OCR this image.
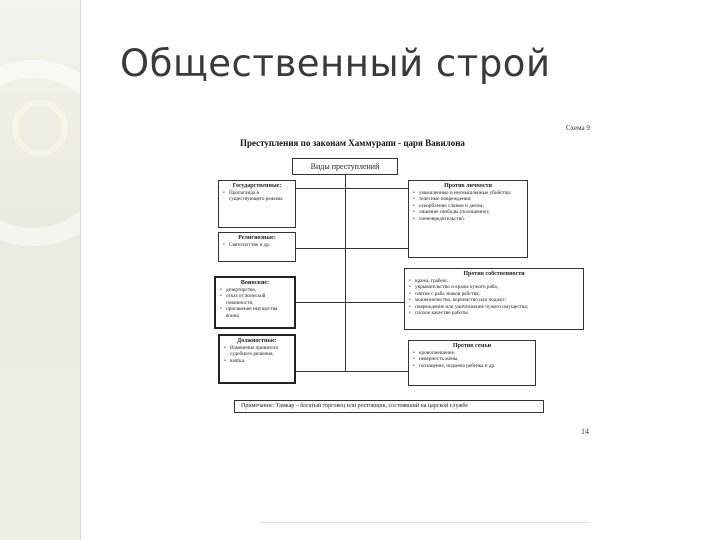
Общественный строй
Схема 9
Преступления по законам Хаммурапи - царя Вавилона
Виды преступлений
Государственные:
• Пропаганда и существующего режима
Религиозные:
• Святотатство и др.
Воинские:
• дезертирство,
• отказ от воинской повинности,
• присвоение имущества воина
Должностные:
• Изменение принятого судебного решения,
• взятка.
Против личности
• умышленные и неумышленные убийства;
• телесные повреждения;
• оскорбление словом и делом;
• лишение свободы (похищение);
• членовредительство.
Против собственности
• кража, грабеж;
• укрывательство и кража чужого раба;
• снятие с раба знаков рабства;
• мошенничество, корчемство или поджог;
• повреждение или уничтожение чужого имущества;
• плохое качество работы.
Против семьи
• кровосмешение,
• неверность жены,
• похищение, подмена ребенка и др.
Примечание: Тамкар – богатый торговец или ростовщик, состоявший на царской службе
14
